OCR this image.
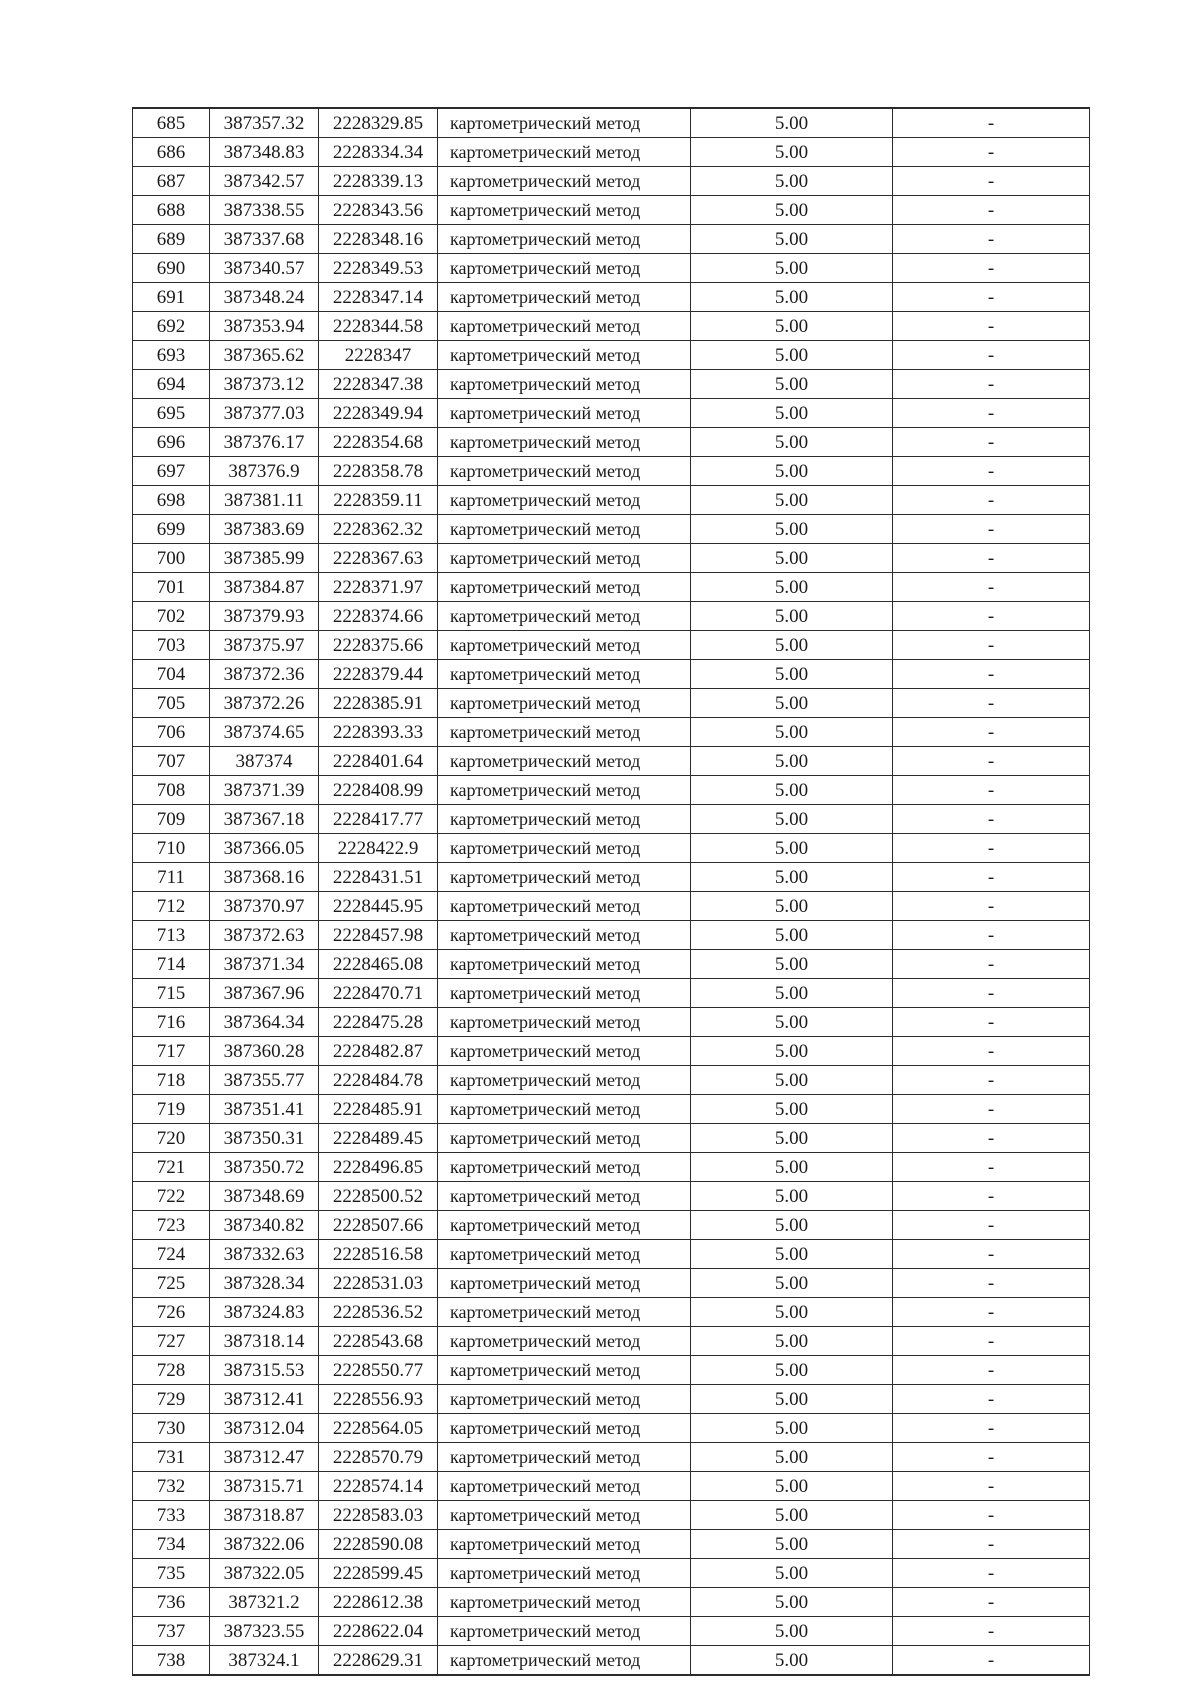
685	387357.32	2228329.85	картометрический метод	5.00	-
686	387348.83	2228334.34	картометрический метод	5.00	-
687	387342.57	2228339.13	картометрический метод	5.00	-
688	387338.55	2228343.56	картометрический метод	5.00	-
689	387337.68	2228348.16	картометрический метод	5.00	-
690	387340.57	2228349.53	картометрический метод	5.00	-
691	387348.24	2228347.14	картометрический метод	5.00	-
692	387353.94	2228344.58	картометрический метод	5.00	-
693	387365.62	2228347	картометрический метод	5.00	-
694	387373.12	2228347.38	картометрический метод	5.00	-
695	387377.03	2228349.94	картометрический метод	5.00	-
696	387376.17	2228354.68	картометрический метод	5.00	-
697	387376.9	2228358.78	картометрический метод	5.00	-
698	387381.11	2228359.11	картометрический метод	5.00	-
699	387383.69	2228362.32	картометрический метод	5.00	-
700	387385.99	2228367.63	картометрический метод	5.00	-
701	387384.87	2228371.97	картометрический метод	5.00	-
702	387379.93	2228374.66	картометрический метод	5.00	-
703	387375.97	2228375.66	картометрический метод	5.00	-
704	387372.36	2228379.44	картометрический метод	5.00	-
705	387372.26	2228385.91	картометрический метод	5.00	-
706	387374.65	2228393.33	картометрический метод	5.00	-
707	387374	2228401.64	картометрический метод	5.00	-
708	387371.39	2228408.99	картометрический метод	5.00	-
709	387367.18	2228417.77	картометрический метод	5.00	-
710	387366.05	2228422.9	картометрический метод	5.00	-
711	387368.16	2228431.51	картометрический метод	5.00	-
712	387370.97	2228445.95	картометрический метод	5.00	-
713	387372.63	2228457.98	картометрический метод	5.00	-
714	387371.34	2228465.08	картометрический метод	5.00	-
715	387367.96	2228470.71	картометрический метод	5.00	-
716	387364.34	2228475.28	картометрический метод	5.00	-
717	387360.28	2228482.87	картометрический метод	5.00	-
718	387355.77	2228484.78	картометрический метод	5.00	-
719	387351.41	2228485.91	картометрический метод	5.00	-
720	387350.31	2228489.45	картометрический метод	5.00	-
721	387350.72	2228496.85	картометрический метод	5.00	-
722	387348.69	2228500.52	картометрический метод	5.00	-
723	387340.82	2228507.66	картометрический метод	5.00	-
724	387332.63	2228516.58	картометрический метод	5.00	-
725	387328.34	2228531.03	картометрический метод	5.00	-
726	387324.83	2228536.52	картометрический метод	5.00	-
727	387318.14	2228543.68	картометрический метод	5.00	-
728	387315.53	2228550.77	картометрический метод	5.00	-
729	387312.41	2228556.93	картометрический метод	5.00	-
730	387312.04	2228564.05	картометрический метод	5.00	-
731	387312.47	2228570.79	картометрический метод	5.00	-
732	387315.71	2228574.14	картометрический метод	5.00	-
733	387318.87	2228583.03	картометрический метод	5.00	-
734	387322.06	2228590.08	картометрический метод	5.00	-
735	387322.05	2228599.45	картометрический метод	5.00	-
736	387321.2	2228612.38	картометрический метод	5.00	-
737	387323.55	2228622.04	картометрический метод	5.00	-
738	387324.1	2228629.31	картометрический метод	5.00	-
